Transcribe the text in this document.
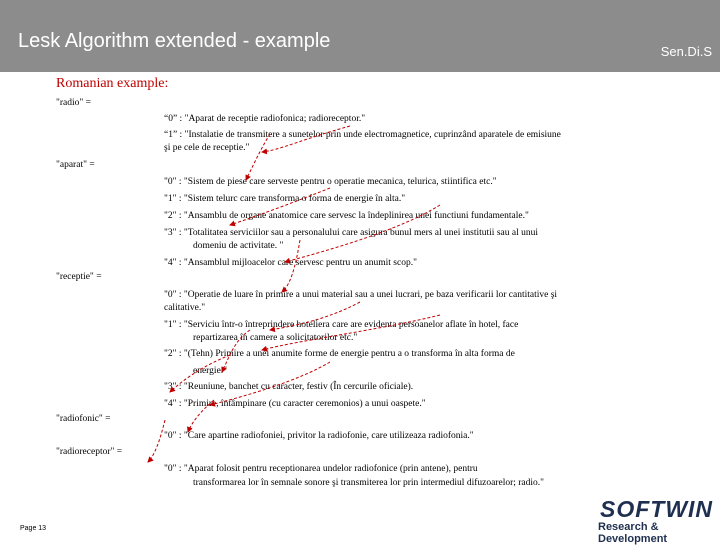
Lesk Algorithm extended - example	Sen.Di.S
Romanian example:
"radio" =
“0” : "Aparat de receptie radiofonica; radioreceptor."
“1” : "Instalatie de transmitere a sunetelor prin unde electromagnetice, cuprinzând aparatele de emisiune
şi pe cele de receptie."
"aparat" =
"0" : "Sistem de piese care serveste pentru o operatie mecanica, telurica, stiintifica etc."
"1" : "Sistem telurc care transforma o forma de energie în alta."
"2" : "Ansamblu de organe anatomice care servesc la îndeplinirea unei functiuni fundamentale."
"3" : "Totalitatea serviciilor sau a personalului care asigura bunul mers al unei institutii sau al unui
domeniu de activitate. "
"4" : "Ansamblul mijloacelor care servesc pentru un anumit scop."
"receptie" =
"0" : "Operatie de luare în primire a unui material sau a unei lucrari, pe baza verificarii lor cantitative şi
calitative."
"1" : "Serviciu într-o întreprindere hoteliera care are evidenta persoanelor aflate în hotel, face
repartizarea în camere a solicitatorilor etc."
"2" : "(Tehn) Primire a unei anumite forme de energie pentru a o transforma în alta forma de
energie."
"3" : "Reuniune, banchet cu caracter, festiv (În cercurile oficiale).
"4" : "Primire, întâmpinare (cu caracter ceremonios) a unui oaspete."
"radiofonic" =
"0" : "Care apartine radiofoniei, privitor la radiofonie, care utilizeaza radiofonia."
"radioreceptor" =
"0" : "Aparat folosit pentru receptionarea undelor radiofonice (prin antene), pentru
transformarea lor în semnale sonore şi transmiterea lor prin intermediul difuzoarelor; radio."
Page 13
SOFTWIN
Research & Development
